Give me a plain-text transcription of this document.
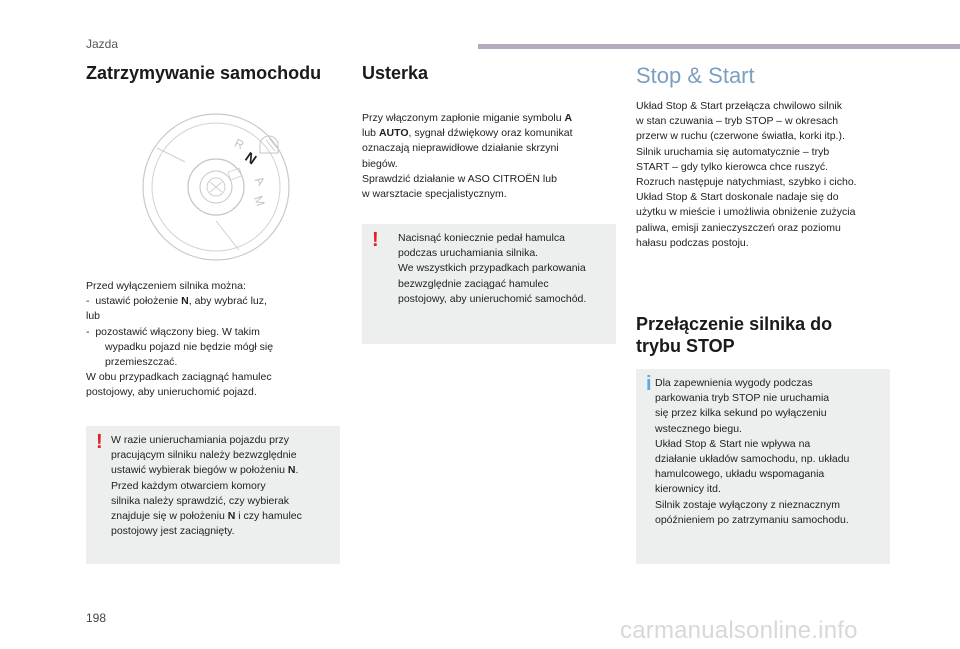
Jazda
Zatrzymywanie samochodu
R
N
A
M

Przed wyłączeniem silnika można:

-  ustawić położenie N, aby wybrać luz,

lub

-  pozostawić włączony bieg. W takim

wypadku pojazd nie będzie mógł się

przemieszczać.

W obu przypadkach zaciągnąć hamulec

postojowy, aby unieruchomić pojazd.

! W razie unieruchamiania pojazdu przy

pracującym silniku należy bezwzględnie

ustawić wybierak biegów w położeniu N.

Przed każdym otwarciem komory

silnika należy sprawdzić, czy wybierak

znajduje się w położeniu N i czy hamulec

postojowy jest zaciągnięty.

Usterka

Przy włączonym zapłonie miganie symbolu A

lub AUTO, sygnał dźwiękowy oraz komunikat

oznaczają nieprawidłowe działanie skrzyni

biegów.

Sprawdzić działanie w ASO CITROËN lub

w warsztacie specjalistycznym.

! Nacisnąć koniecznie pedał hamulca

podczas uruchamiania silnika.

We wszystkich przypadkach parkowania

bezwzględnie zaciągać hamulec

postojowy, aby unieruchomić samochód.

Stop & Start

Układ Stop & Start przełącza chwilowo silnik

w stan czuwania – tryb STOP – w okresach

przerw w ruchu (czerwone światła, korki itp.).

Silnik uruchamia się automatycznie – tryb

START – gdy tylko kierowca chce ruszyć.

Rozruch następuje natychmiast, szybko i cicho.

Układ Stop & Start doskonale nadaje się do

użytku w mieście i umożliwia obniżenie zużycia

paliwa, emisji zanieczyszczeń oraz poziomu

hałasu podczas postoju.

Przełączenie silnika do
trybu STOP
i Dla zapewnienia wygody podczas

parkowania tryb STOP nie uruchamia

się przez kilka sekund po wyłączeniu

wstecznego biegu.

Układ Stop & Start nie wpływa na

działanie układów samochodu, np. układu

hamulcowego, układu wspomagania

kierownicy itd.

Silnik zostaje wyłączony z nieznacznym

opóźnieniem po zatrzymaniu samochodu.

198	carmanualsonline.info
